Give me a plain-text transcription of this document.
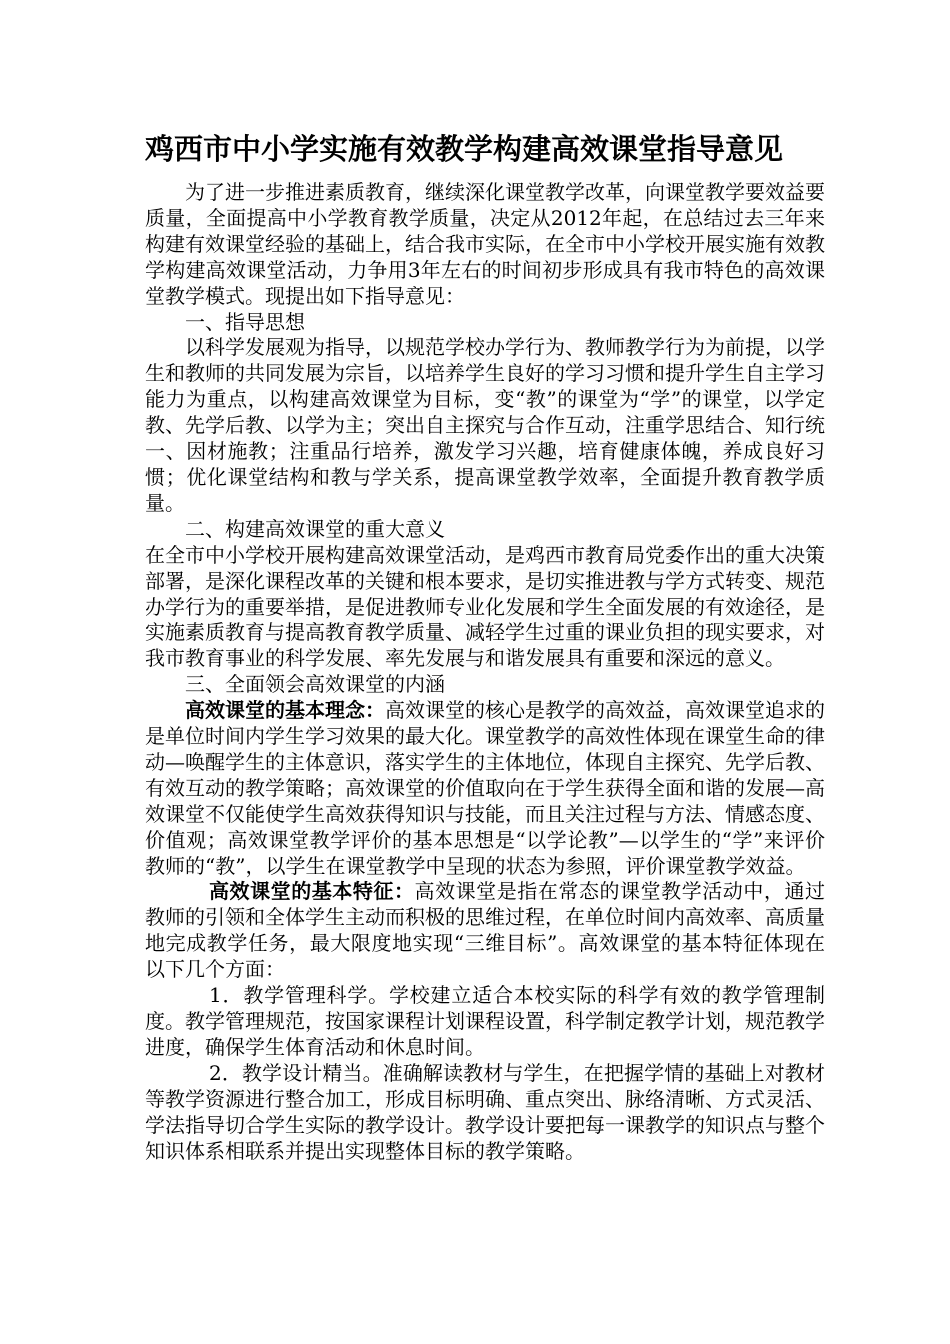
鸡西市中小学实施有效教学构建高效课堂指导意见

为了进一步推进素质教育，继续深化课堂教学改革，向课堂教学要效益要质量，全面提高中小学教育教学质量，决定从2012年起，在总结过去三年来构建有效课堂经验的基础上，结合我市实际，在全市中小学校开展实施有效教学构建高效课堂活动，力争用3年左右的时间初步形成具有我市特色的高效课堂教学模式。现提出如下指导意见：

一、指导思想

以科学发展观为指导，以规范学校办学行为、教师教学行为为前提，以学生和教师的共同发展为宗旨，以培养学生良好的学习习惯和提升学生自主学习能力为重点，以构建高效课堂为目标，变“教”的课堂为“学”的课堂，以学定教、先学后教、以学为主；突出自主探究与合作互动，注重学思结合、知行统一、因材施教；注重品行培养，激发学习兴趣，培育健康体魄，养成良好习惯；优化课堂结构和教与学关系，提高课堂教学效率，全面提升教育教学质量。

二、构建高效课堂的重大意义

在全市中小学校开展构建高效课堂活动，是鸡西市教育局党委作出的重大决策部署，是深化课程改革的关键和根本要求，是切实推进教与学方式转变、规范办学行为的重要举措，是促进教师专业化发展和学生全面发展的有效途径，是实施素质教育与提高教育教学质量、减轻学生过重的课业负担的现实要求，对我市教育事业的科学发展、率先发展与和谐发展具有重要和深远的意义。

三、全面领会高效课堂的内涵

高效课堂的基本理念：高效课堂的核心是教学的高效益，高效课堂追求的是单位时间内学生学习效果的最大化。课堂教学的高效性体现在课堂生命的律动—唤醒学生的主体意识，落实学生的主体地位，体现自主探究、先学后教、有效互动的教学策略；高效课堂的价值取向在于学生获得全面和谐的发展—高效课堂不仅能使学生高效获得知识与技能，而且关注过程与方法、情感态度、价值观；高效课堂教学评价的基本思想是“以学论教”—以学生的“学”来评价教师的“教”，以学生在课堂教学中呈现的状态为参照，评价课堂教学效益。

高效课堂的基本特征：高效课堂是指在常态的课堂教学活动中，通过教师的引领和全体学生主动而积极的思维过程，在单位时间内高效率、高质量地完成教学任务，最大限度地实现“三维目标”。高效课堂的基本特征体现在以下几个方面：

1．教学管理科学。学校建立适合本校实际的科学有效的教学管理制度。教学管理规范，按国家课程计划课程设置，科学制定教学计划，规范教学进度，确保学生体育活动和休息时间。

2．教学设计精当。准确解读教材与学生，在把握学情的基础上对教材等教学资源进行整合加工，形成目标明确、重点突出、脉络清晰、方式灵活、学法指导切合学生实际的教学设计。教学设计要把每一课教学的知识点与整个知识体系相联系并提出实现整体目标的教学策略。
